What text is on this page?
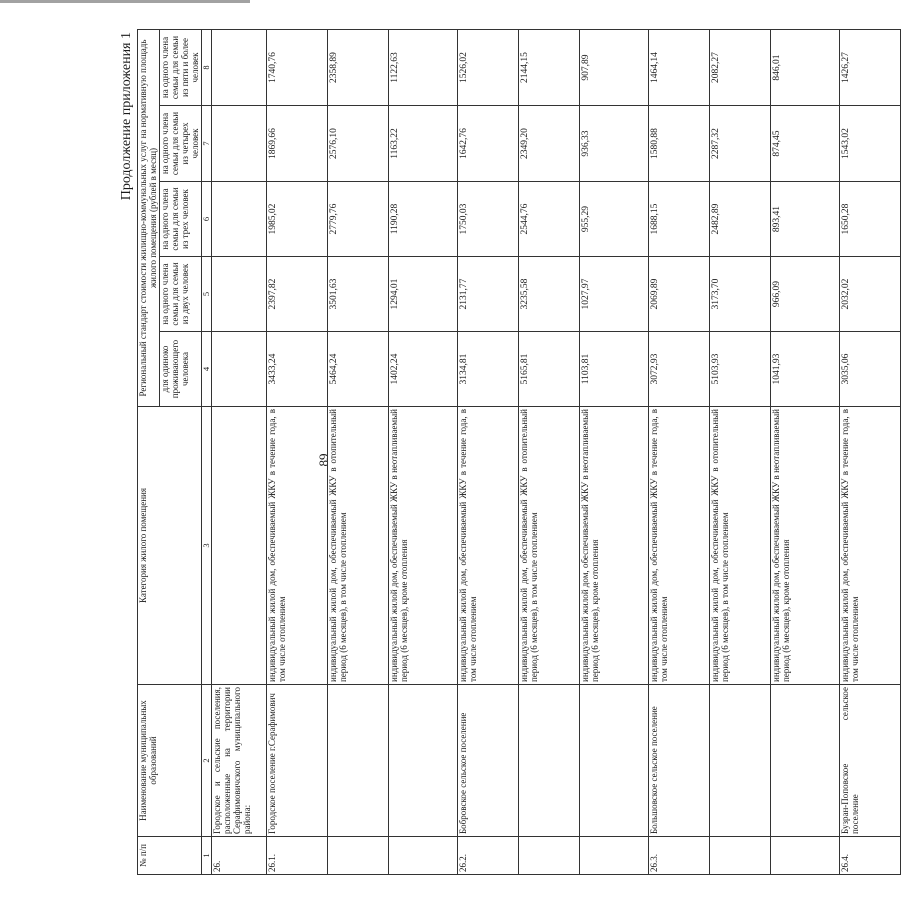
89
Продолжение приложения 1
№ п/п	Наименование муниципальных образований	Категория жилого помещения	Региональный стандарт стоимости жилищно-коммунальных услуг на нормативную площадь жилого помещения (рублей в месяц)				
			для одиноко проживающего человека	на одного члена семьи для семьи из двух человек	на одного члена семьи для семьи из трех человек	на одного члена семьи для семьи из четырех человек	на одного члена семьи для семьи из пяти и более человек
1	2	3	4	5	6	7	8
26.	Городское и сельские поселения, расположенные на территории Серафимовичского муниципального района:						
26.1.	Городское поселение г.Серафимович	индивидуальный жилой дом, обеспечиваемый ЖКУ в течение года, в том числе отоплением	3433,24	2397,82	1985,02	1869,66	1740,76
		индивидуальный жилой дом, обеспечиваемый ЖКУ в отопительный период (6 месяцев), в том числе отоплением	5464,24	3501,63	2779,76	2576,10	2358,89
		индивидуальный жилой дом, обеспечиваемый ЖКУ в неотапливаемый период (6 месяцев), кроме отопления	1402,24	1294,01	1190,28	1163,22	1122,63
26.2.	Бобровское сельское поселение	индивидуальный жилой дом, обеспечиваемый ЖКУ в течение года, в том числе отоплением	3134,81	2131,77	1750,03	1642,76	1526,02
		индивидуальный жилой дом, обеспечиваемый ЖКУ в отопительный период (6 месяцев), в том числе отоплением	5165,81	3235,58	2544,76	2349,20	2144,15
		индивидуальный жилой дом, обеспечиваемый ЖКУ в неотапливаемый период (6 месяцев), кроме отопления	1103,81	1027,97	955,29	936,33	907,89
26.3.	Большовское сельское поселение	индивидуальный жилой дом, обеспечиваемый ЖКУ в течение года, в том числе отоплением	3072,93	2069,89	1688,15	1580,88	1464,14
		индивидуальный жилой дом, обеспечиваемый ЖКУ в отопительный период (6 месяцев), в том числе отоплением	5103,93	3173,70	2482,89	2287,32	2082,27
		индивидуальный жилой дом, обеспечиваемый ЖКУ в неотапливаемый период (6 месяцев), кроме отопления	1041,93	966,09	893,41	874,45	846,01
26.4.	Бузран-Поповское сельское поселение	индивидуальный жилой дом, обеспечиваемый ЖКУ в течение года, в том числе отоплением	3035,06	2032,02	1650,28	1543,02	1426,27
